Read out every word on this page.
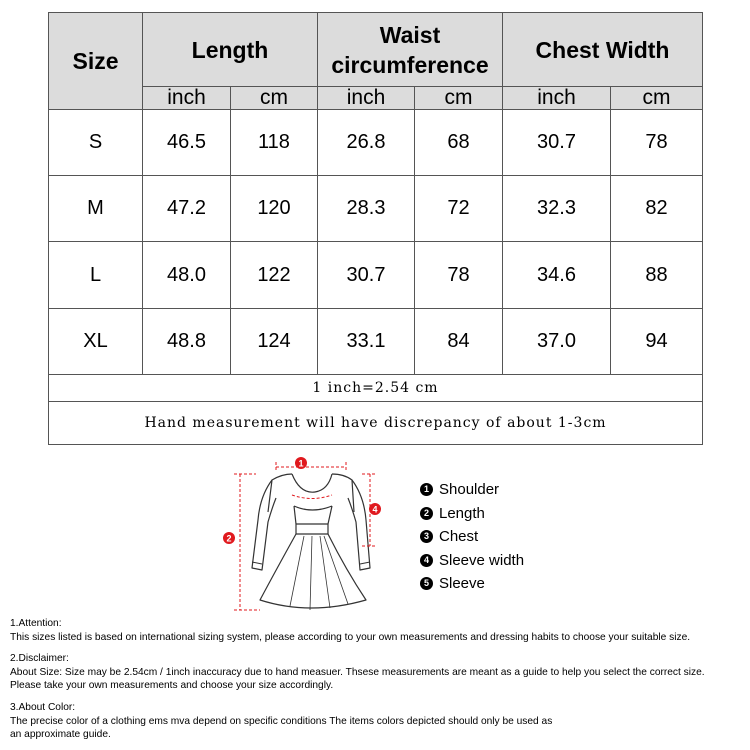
Size	Length		Waist
circumference		Chest Width	
	inch	cm	inch	cm	inch	cm
S	46.5	118	26.8	68	30.7	78
M	47.2	120	28.3	72	32.3	82
L	48.0	122	30.7	78	34.6	88
XL	48.8	124	33.1	84	37.0	94
1 inch=2.54 cm						
Hand measurement will have discrepancy of about 1-3cm						
1
2
4
1 Shoulder
2 Length
3 Chest
4 Sleeve width
5 Sleeve

1.Attention:

This sizes listed is based on international sizing system, please according to your own measurements and dressing habits to choose your suitable size.

2.Disclaimer:

About Size: Size may be 2.54cm / 1inch inaccuracy due to hand measuer. Thsese measurements are meant as a guide to help you select the correct size.

Please take your own measurements and choose your size accordingly.

3.About Color:

The precise color of a clothing ems mva depend on specific conditions The items colors depicted should only be used as

an approximate guide.
